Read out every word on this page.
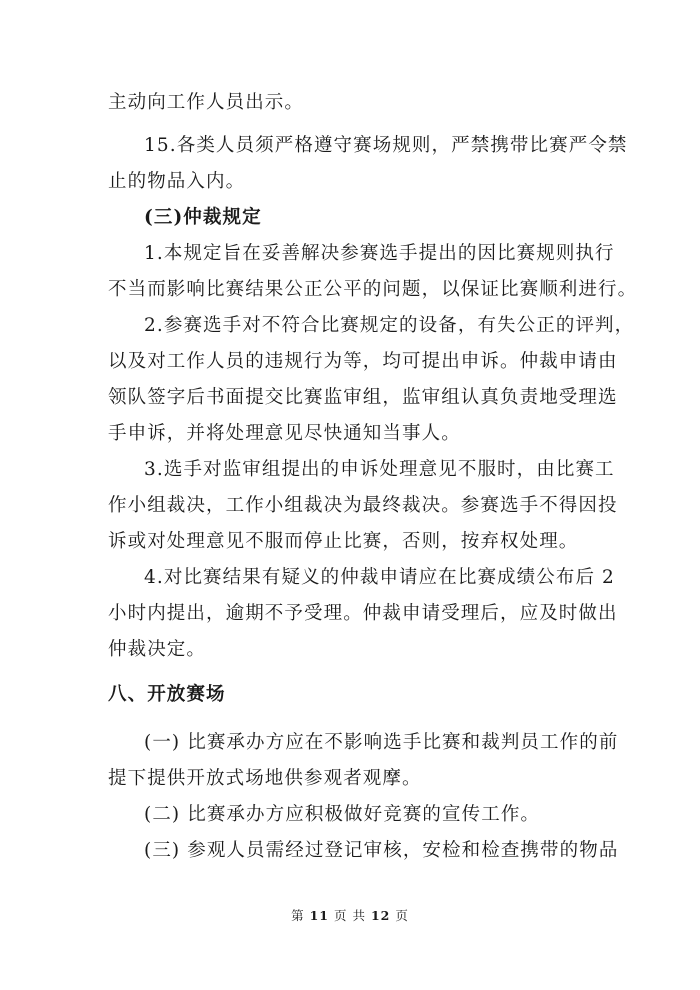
主动向工作人员出示。
15.各类人员须严格遵守赛场规则，严禁携带比赛严令禁
止的物品入内。
(三)仲裁规定
1.本规定旨在妥善解决参赛选手提出的因比赛规则执行
不当而影响比赛结果公正公平的问题，以保证比赛顺利进行。
2.参赛选手对不符合比赛规定的设备，有失公正的评判，
以及对工作人员的违规行为等，均可提出申诉。仲裁申请由
领队签字后书面提交比赛监审组，监审组认真负责地受理选
手申诉，并将处理意见尽快通知当事人。
3.选手对监审组提出的申诉处理意见不服时，由比赛工
作小组裁决，工作小组裁决为最终裁决。参赛选手不得因投
诉或对处理意见不服而停止比赛，否则，按弃权处理。
4.对比赛结果有疑义的仲裁申请应在比赛成绩公布后 2
小时内提出，逾期不予受理。仲裁申请受理后，应及时做出
仲裁决定。
八、开放赛场
(一) 比赛承办方应在不影响选手比赛和裁判员工作的前
提下提供开放式场地供参观者观摩。
(二) 比赛承办方应积极做好竞赛的宣传工作。
(三) 参观人员需经过登记审核，安检和检查携带的物品
第 11 页 共 12 页
